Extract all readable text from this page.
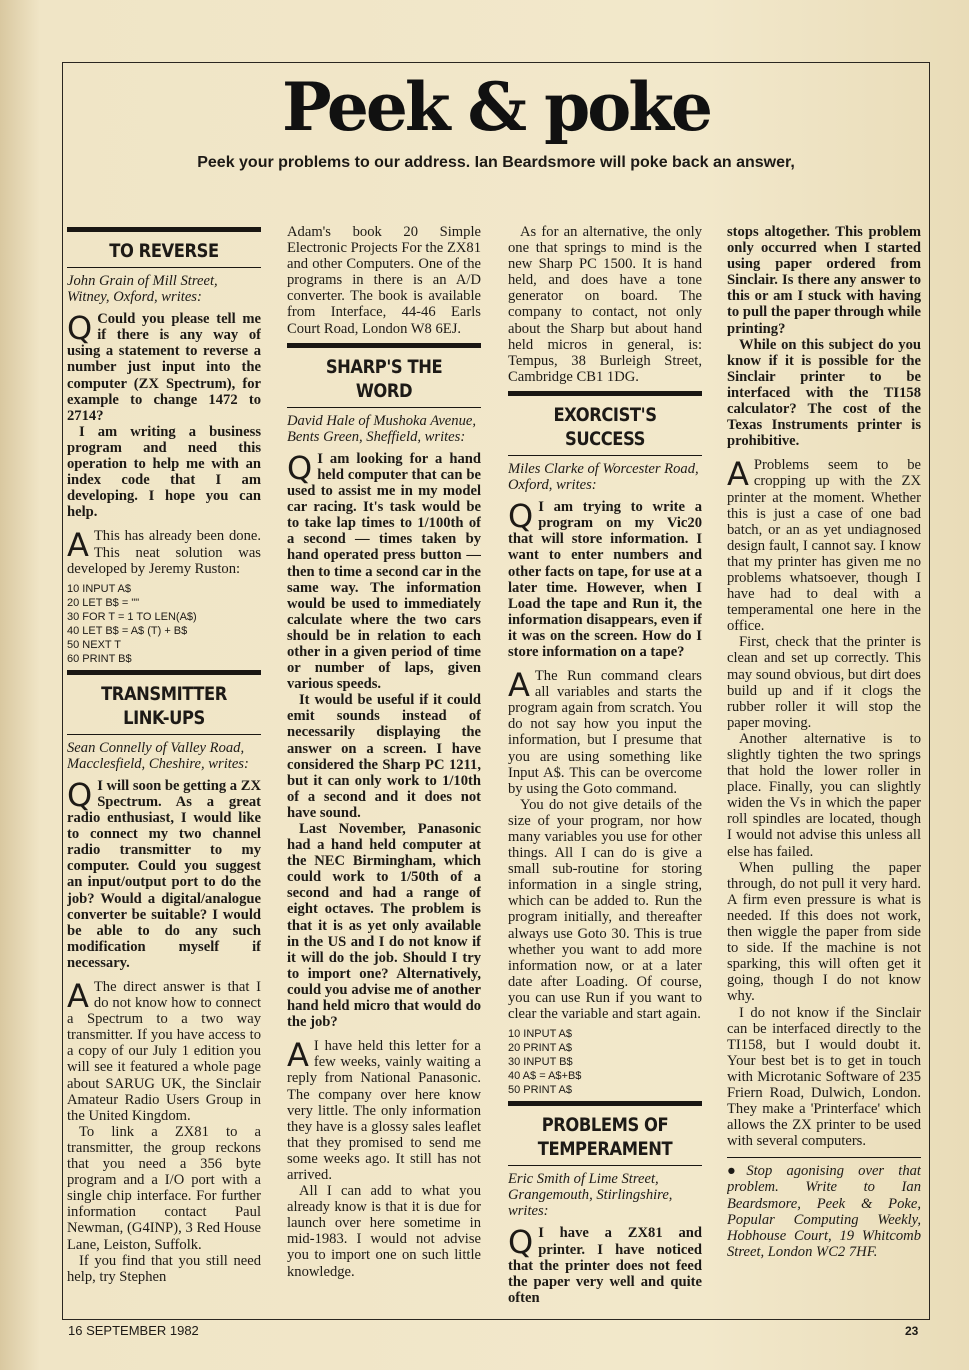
Peek & poke
Peek your problems to our address. Ian Beardsmore will poke back an answer,
TO REVERSE
John Grain of Mill Street, Witney, Oxford, writes:

Q Could you please tell me if there is any way of using a statement to reverse a number just input into the computer (ZX Spectrum), for example to change 1472 to 2714?

I am writing a business program and need this operation to help me with an index code that I am developing. I hope you can help.

A This has already been done. This neat solution was developed by Jeremy Ruston:

10 INPUT A$
20 LET B$ = ""
30 FOR T = 1 TO LEN(A$)
40 LET B$ = A$ (T) + B$
50 NEXT T
60 PRINT B$
TRANSMITTER LINK-UPS
Sean Connelly of Valley Road, Macclesfield, Cheshire, writes:

Q I will soon be getting a ZX Spectrum. As a great radio enthusiast, I would like to connect my two channel radio transmitter to my computer. Could you suggest an input/output port to do the job? Would a digital/analogue converter be suitable? I would be able to do any such modification myself if necessary.

A The direct answer is that I do not know how to connect a Spectrum to a two way transmitter. If you have access to a copy of our July 1 edition you will see it featured a whole page about SARUG UK, the Sinclair Amateur Radio Users Group in the United Kingdom.

To link a ZX81 to a transmitter, the group reckons that you need a 356 byte program and a I/O port with a single chip interface. For further information contact Paul Newman, (G4INP), 3 Red House Lane, Leiston, Suffolk.

If you find that you still need help, try Stephen

Adam's book 20 Simple Electronic Projects For the ZX81 and other Computers. One of the programs in there is an A/D converter. The book is available from Interface, 44-46 Earls Court Road, London W8 6EJ.

SHARP'S THE WORD
David Hale of Mushoka Avenue, Bents Green, Sheffield, writes:

Q I am looking for a hand held computer that can be used to assist me in my model car racing. It's task would be to take lap times to 1/100th of a second — times taken by hand operated press button — then to time a second car in the same way. The information would be used to immediately calculate where the two cars should be in relation to each other in a given period of time or number of laps, given various speeds.

It would be useful if it could emit sounds instead of necessarily displaying the answer on a screen. I have considered the Sharp PC 1211, but it can only work to 1/10th of a second and it does not have sound.

Last November, Panasonic had a hand held computer at the NEC Birmingham, which could work to 1/50th of a second and had a range of eight octaves. The problem is that it is as yet only available in the US and I do not know if it will do the job. Should I try to import one? Alternatively, could you advise me of another hand held micro that would do the job?

A I have held this letter for a few weeks, vainly waiting a reply from National Panasonic. The company over here know very little. The only information they have is a glossy sales leaflet that they promised to send me some weeks ago. It still has not arrived.

All I can add to what you already know is that it is due for launch over here sometime in mid-1983. I would not advise you to import one on such little knowledge.

As for an alternative, the only one that springs to mind is the new Sharp PC 1500. It is hand held, and does have a tone generator on board. The company to contact, not only about the Sharp but about hand held micros in general, is: Tempus, 38 Burleigh Street, Cambridge CB1 1DG.

EXORCIST'S SUCCESS
Miles Clarke of Worcester Road, Oxford, writes:

Q I am trying to write a program on my Vic20 that will store information. I want to enter numbers and other facts on tape, for use at a later time. However, when I Load the tape and Run it, the information disappears, even if it was on the screen. How do I store information on a tape?

A The Run command clears all variables and starts the program again from scratch. You do not say how you input the information, but I presume that you are using something like Input A$. This can be overcome by using the Goto command.

You do not give details of the size of your program, nor how many variables you use for other things. All I can do is give a small sub-routine for storing information in a single string, which can be added to. Run the program initially, and thereafter always use Goto 30. This is true whether you want to add more information now, or at a later date after Loading. Of course, you can use Run if you want to clear the variable and start again.

10 INPUT A$
20 PRINT A$
30 INPUT B$
40 A$ = A$+B$
50 PRINT A$
PROBLEMS OF TEMPERAMENT
Eric Smith of Lime Street, Grangemouth, Stirlingshire, writes:

Q I have a ZX81 and printer. I have noticed that the printer does not feed the paper very well and quite often

stops altogether. This problem only occurred when I started using paper ordered from Sinclair. Is there any answer to this or am I stuck with having to pull the paper through while printing?

While on this subject do you know if it is possible for the Sinclair printer to be interfaced with the TI158 calculator? The cost of the Texas Instruments printer is prohibitive.

A Problems seem to be cropping up with the ZX printer at the moment. Whether this is just a case of one bad batch, or an as yet undiagnosed design fault, I cannot say. I know that my printer has given me no problems whatsoever, though I have had to deal with a temperamental one here in the office.

First, check that the printer is clean and set up correctly. This may sound obvious, but dirt does build up and if it clogs the rubber roller it will stop the paper moving.

Another alternative is to slightly tighten the two springs that hold the lower roller in place. Finally, you can slightly widen the Vs in which the paper roll spindles are located, though I would not advise this unless all else has failed.

When pulling the paper through, do not pull it very hard. A firm even pressure is what is needed. If this does not work, then wiggle the paper from side to side. If the machine is not sparking, this will often get it going, though I do not know why.

I do not know if the Sinclair can be interfaced directly to the TI158, but I would doubt it. Your best bet is to get in touch with Microtanic Software of 235 Friern Road, Dulwich, London. They make a 'Printerface' which allows the ZX printer to be used with several computers.

●Stop agonising over that problem. Write to Ian Beardsmore, Peek & Poke, Popular Computing Weekly, Hobhouse Court, 19 Whitcomb Street, London WC2 7HF.

16 SEPTEMBER 1982	23
